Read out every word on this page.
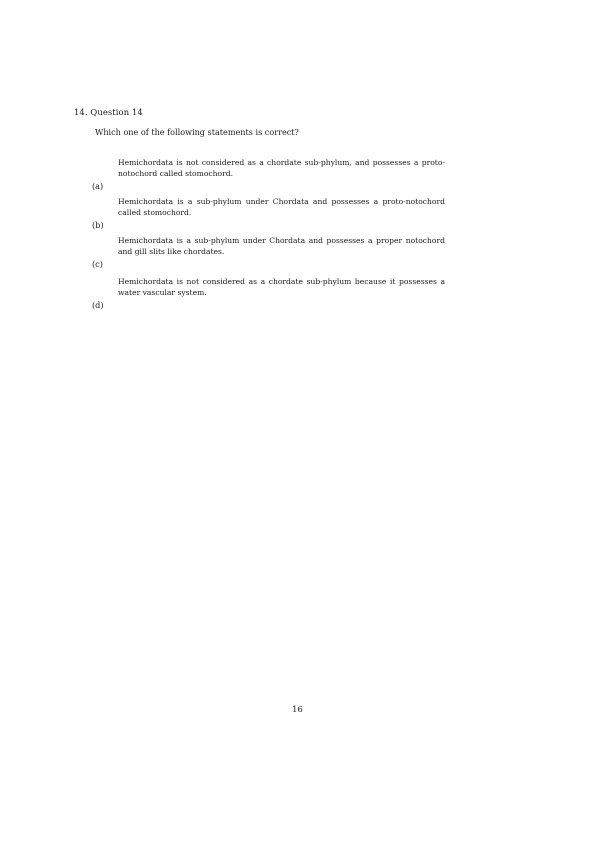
14. Question 14
Which one of the following statements is correct?
(a)
Hemichordata is not considered as a chordate sub-phylum, and possesses a proto-notochord called stomochord.
(b)
Hemichordata is a sub-phylum under Chordata and possesses a proto-notochord called stomochord.
(c)
Hemichordata is a sub-phylum under Chordata and possesses a proper notochord and gill slits like chordates.
(d)
Hemichordata is not considered as a chordate sub-phylum because it possesses a water vascular system.
16
